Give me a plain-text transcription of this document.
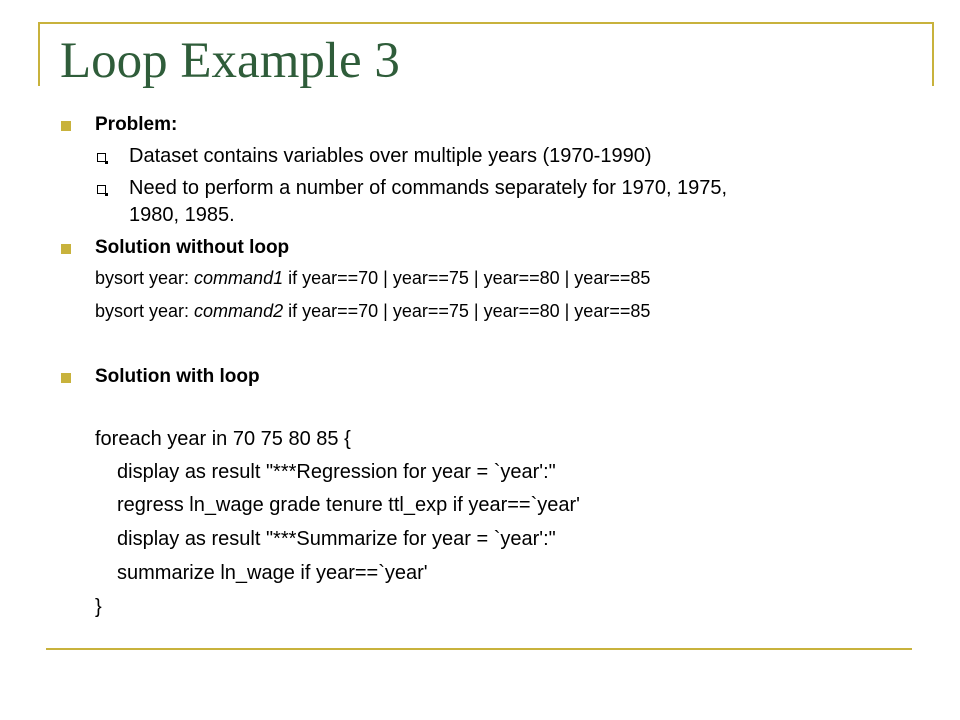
Loop Example 3
Problem:
Dataset contains variables over multiple years (1970-1990)
Need to perform a number of commands separately for 1970, 1975,
1980, 1985.
Solution without loop
bysort year: command1 if year==70 | year==75 | year==80 | year==85
bysort year: command2 if year==70 | year==75 | year==80 | year==85
Solution with loop
foreach year in 70 75 80 85 {
display as result "***Regression for year = `year':"
regress ln_wage grade tenure ttl_exp if year==`year'
display as result "***Summarize for year = `year':"
summarize ln_wage if year==`year'
}
